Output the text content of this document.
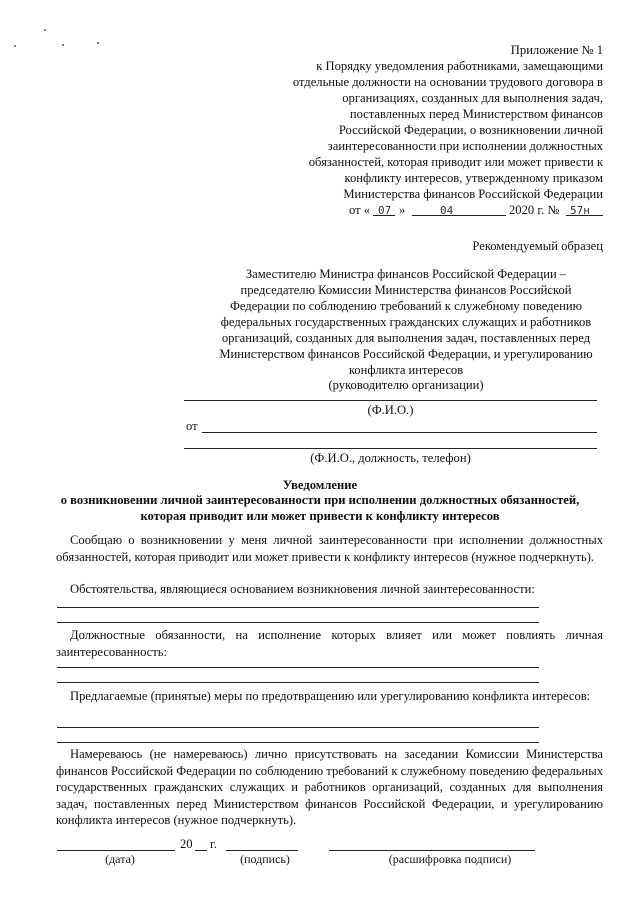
Приложение № 1
к Порядку уведомления работниками, замещающими
отдельные должности на основании трудового договора в
организациях, созданных для выполнения задач,
поставленных перед Министерством финансов
Российской Федерации, о возникновении личной
заинтересованности при исполнении должностных
обязанностей, которая приводит или может привести к
конфликту интересов, утвержденному приказом
Министерства финансов Российской Федерации
от « 07 »	04	2020 г. № 57н
Рекомендуемый образец
Заместителю Министра финансов Российской Федерации –
председателю Комиссии Министерства финансов Российской
Федерации по соблюдению требований к служебному поведению
федеральных государственных гражданских служащих и работников
организаций, созданных для выполнения задач, поставленных перед
Министерством финансов Российской Федерации, и урегулированию
конфликта интересов
(руководителю организации)
(Ф.И.О.)
от
(Ф.И.О., должность, телефон)
Уведомление
о возникновении личной заинтересованности при исполнении должностных обязанностей,
которая приводит или может привести к конфликту интересов
Сообщаю о возникновении у меня личной заинтересованности при исполнении должностных обязанностей, которая приводит или может привести к конфликту интересов (нужное подчеркнуть).
Обстоятельства, являющиеся основанием возникновения личной заинтересованности:
Должностные обязанности, на исполнение которых влияет или может повлиять личная заинтересованность:
Предлагаемые (принятые) меры по предотвращению или урегулированию конфликта интересов:
Намереваюсь (не намереваюсь) лично присутствовать на заседании Комиссии Министерства финансов Российской Федерации по соблюдению требований к служебному поведению федеральных государственных гражданских служащих и работников организаций, созданных для выполнения задач, поставленных перед Министерством финансов Российской Федерации, и урегулированию конфликта интересов (нужное подчеркнуть).
20 г.
(дата)	(подпись)	(расшифровка подписи)
